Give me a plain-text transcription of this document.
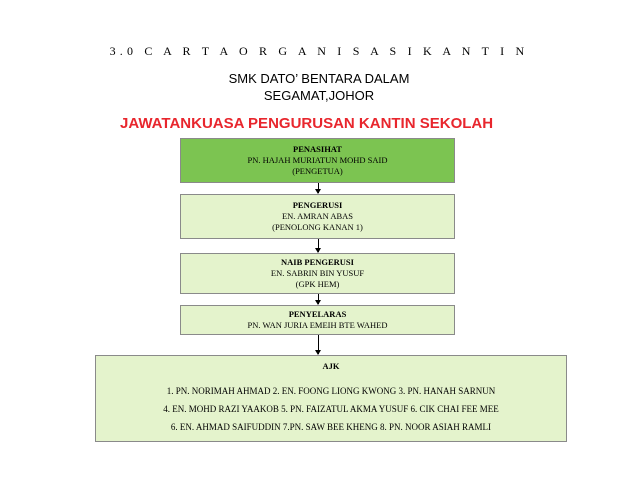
3.0 C A R T A O R G A N I S A S I K A N T I N
SMK DATO’ BENTARA DALAM
SEGAMAT,JOHOR
JAWATANKUASA PENGURUSAN KANTIN SEKOLAH
PENASIHAT
PN. HAJAH MURIATUN MOHD SAID
(PENGETUA)
PENGERUSI
EN. AMRAN ABAS
(PENOLONG KANAN 1)
NAIB PENGERUSI
EN. SABRIN BIN YUSUF
(GPK HEM)
PENYELARAS
PN. WAN JURIA EMEIH BTE WAHED
AJK
1. PN. NORIMAH AHMAD 2. EN. FOONG LIONG KWONG 3. PN. HANAH SARNUN
4. EN. MOHD RAZI YAAKOB 5. PN. FAIZATUL AKMA YUSUF 6. CIK CHAI FEE MEE
6. EN. AHMAD SAIFUDDIN 7.PN. SAW BEE KHENG 8. PN. NOOR ASIAH RAMLI
